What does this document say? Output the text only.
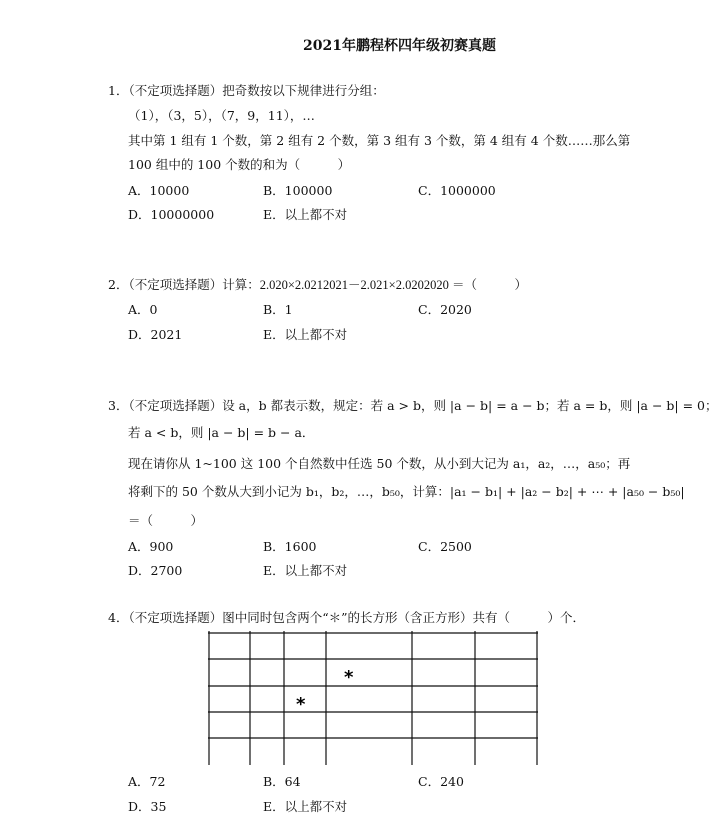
2021年鹏程杯四年级初赛真题
1．（不定项选择题）把奇数按以下规律进行分组：
（1），（3，5），（7，9，11），…
其中第 1 组有 1 个数，第 2 组有 2 个数，第 3 组有 3 个数，第 4 组有 4 个数……那么第
100 组中的 100 个数的和为（　　　）
A．10000	B．100000	C．1000000
D．10000000	E．以上都不对
2．（不定项选择题）计算：2.020×2.0212021－2.021×2.0202020 ＝（　　　）
A．0	B．1	C．2020
D．2021	E．以上都不对
3．（不定项选择题）设 a，b 都表示数，规定：若 a > b，则 |a − b| = a − b；若 a = b，则 |a − b| = 0；
若 a < b，则 |a − b| = b − a．
现在请你从 1~100 这 100 个自然数中任选 50 个数，从小到大记为 a₁，a₂，…，a₅₀；再
将剩下的 50 个数从大到小记为 b₁，b₂，…，b₅₀，计算：|a₁ − b₁| + |a₂ − b₂| + ⋯ + |a₅₀ − b₅₀|
＝（　　　）
A．900	B．1600	C．2500
D．2700	E．以上都不对
4．（不定项选择题）图中同时包含两个“＊”的长方形（含正方形）共有（　　　）个．
*
*
A．72	B．64	C．240
D．35	E．以上都不对
